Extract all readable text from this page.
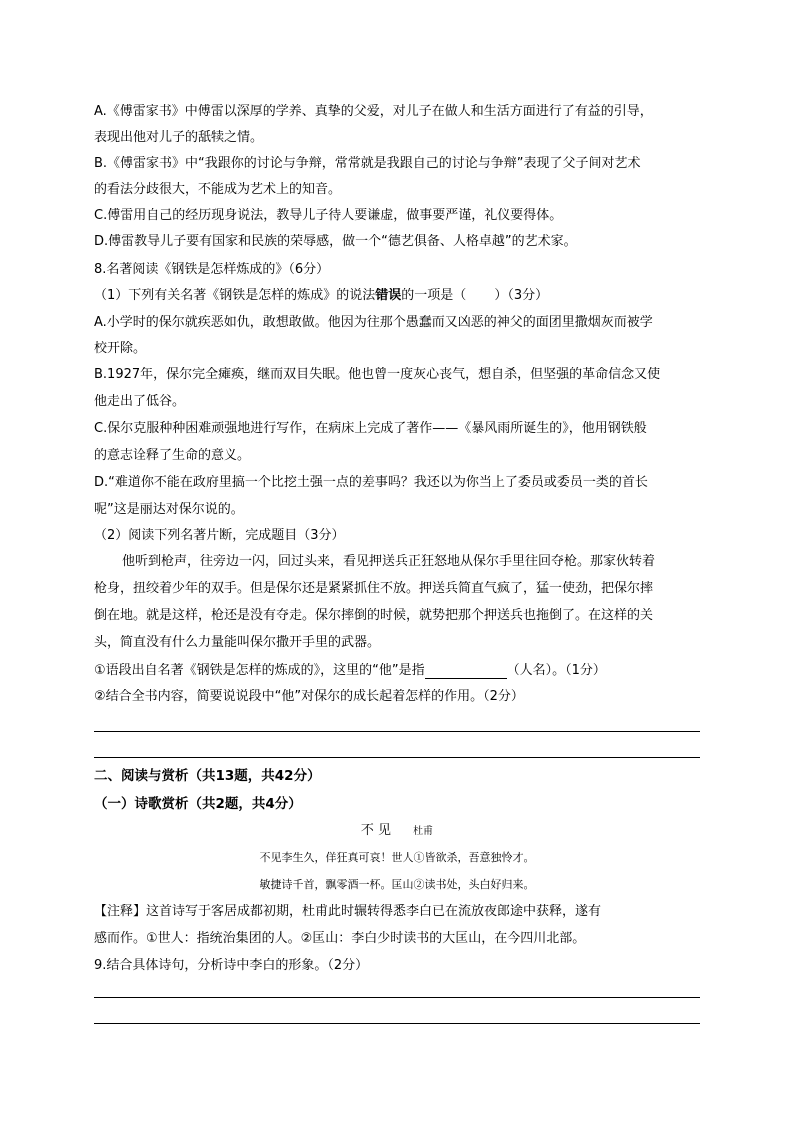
A.《傅雷家书》中傅雷以深厚的学养、真挚的父爱，对儿子在做人和生活方面进行了有益的引导，
表现出他对儿子的舐犊之情。
B.《傅雷家书》中“我跟你的讨论与争辩，常常就是我跟自己的讨论与争辩”表现了父子间对艺术
的看法分歧很大，不能成为艺术上的知音。
C.傅雷用自己的经历现身说法，教导儿子待人要谦虚，做事要严谨，礼仪要得体。
D.傅雷教导儿子要有国家和民族的荣辱感，做一个“德艺俱备、人格卓越”的艺术家。
8.名著阅读《钢铁是怎样炼成的》（6分）
（1）下列有关名著《钢铁是怎样的炼成》的说法错误的一项是（ ）（3分）
A.小学时的保尔就疾恶如仇，敢想敢做。他因为往那个愚蠢而又凶恶的神父的面团里撒烟灰而被学
校开除。
B.1927年，保尔完全瘫痪，继而双目失眠。他也曾一度灰心丧气，想自杀，但坚强的革命信念又使
他走出了低谷。
C.保尔克服种种困难顽强地进行写作，在病床上完成了著作——《暴风雨所诞生的》，他用钢铁般
的意志诠释了生命的意义。
D.“难道你不能在政府里搞一个比挖土强一点的差事吗？我还以为你当上了委员或委员一类的首长
呢”这是丽达对保尔说的。
（2）阅读下列名著片断，完成题目（3分）
他听到枪声，往旁边一闪，回过头来，看见押送兵正狂怒地从保尔手里往回夺枪。那家伙转着
枪身，扭绞着少年的双手。但是保尔还是紧紧抓住不放。押送兵简直气疯了，猛一使劲，把保尔摔
倒在地。就是这样，枪还是没有夺走。保尔摔倒的时候，就势把那个押送兵也拖倒了。在这样的关
头，简直没有什么力量能叫保尔撒开手里的武器。
①语段出自名著《钢铁是怎样的炼成的》，这里的“他”是指	（人名）。（1分）
②结合全书内容，简要说说段中“他”对保尔的成长起着怎样的作用。（2分）
二、阅读与赏析（共13题，共42分）
（一）诗歌赏析（共2题，共4分）
不 见 杜甫
不见李生久，佯狂真可哀！世人①皆欲杀，吾意独怜才。
敏捷诗千首，飘零酒一杯。匡山②读书处，头白好归来。
【注释】这首诗写于客居成都初期，杜甫此时辗转得悉李白已在流放夜郎途中获释，遂有
感而作。①世人：指统治集团的人。②匡山：李白少时读书的大匡山，在今四川北部。
9.结合具体诗句，分析诗中李白的形象。（2分）
